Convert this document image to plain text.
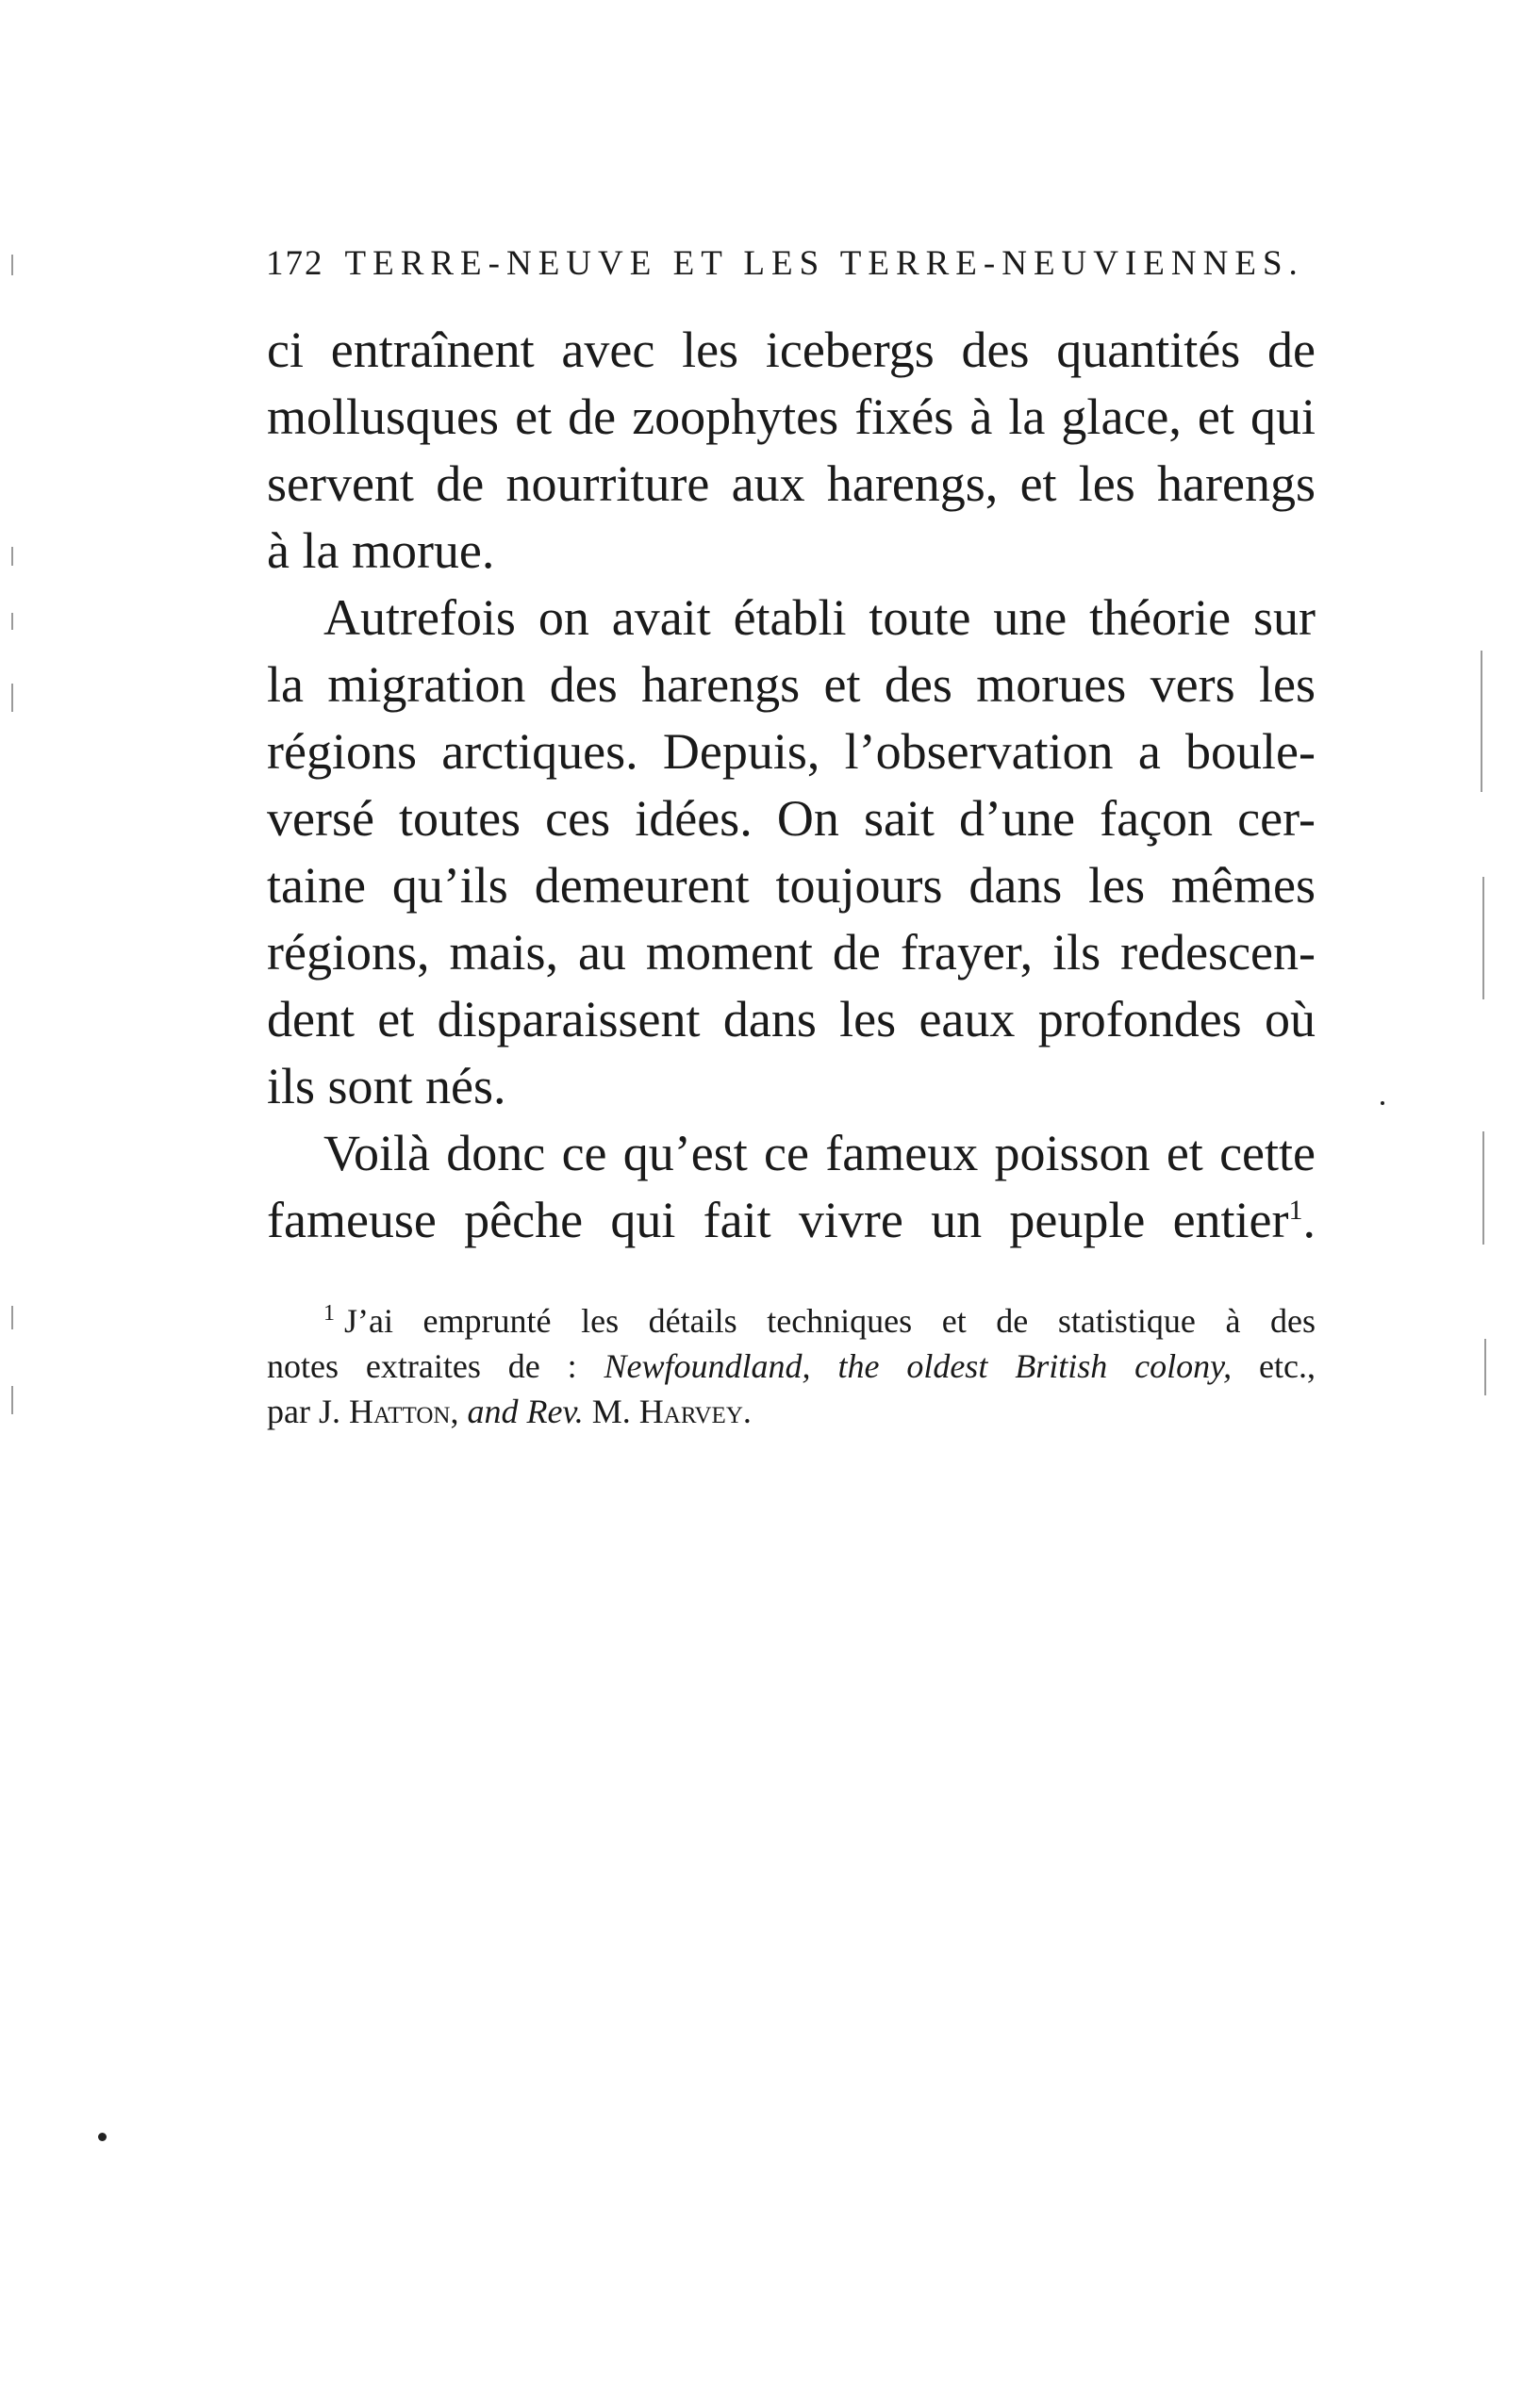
172 TERRE-NEUVE ET LES TERRE-NEUVIENNES.
ci entraînent avec les icebergs des quantités de
mollusques et de zoophytes fixés à la glace, et qui
servent de nourriture aux harengs, et les harengs
à la morue.
Autrefois on avait établi toute une théorie sur
la migration des harengs et des morues vers les
régions arctiques. Depuis, l’observation a boule-
versé toutes ces idées. On sait d’une façon cer-
taine qu’ils demeurent toujours dans les mêmes
régions, mais, au moment de frayer, ils redescen-
dent et disparaissent dans les eaux profondes où
ils sont nés.
Voilà donc ce qu’est ce fameux poisson et cette
fameuse pêche qui fait vivre un peuple entier$^1$.
$^1$ J’ai emprunté les détails techniques et de statistique à des
notes extraites de : Newfoundland, the oldest British colony, etc.,
par J. Hatton, and Rev. M. Harvey.
